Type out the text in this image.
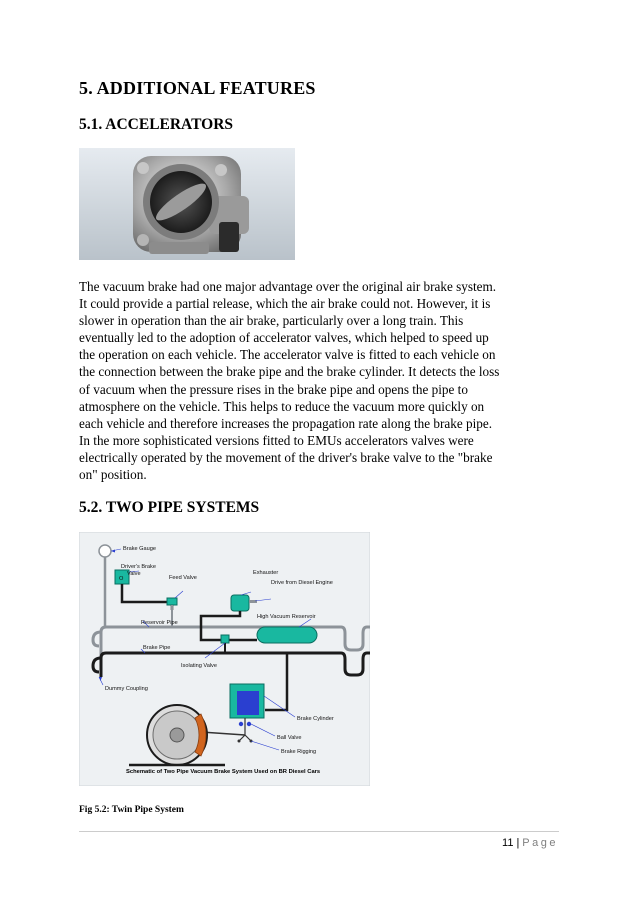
5. ADDITIONAL FEATURES
5.1. ACCELERATORS
The vacuum brake had one major advantage over the original air brake system.
It could provide a partial release, which the air brake could not. However, it is
slower in operation than the air brake, particularly over a long train. This
eventually led to the adoption of accelerator valves, which helped to speed up
the operation on each vehicle. The accelerator valve is fitted to each vehicle on
the connection between the brake pipe and the brake cylinder. It detects the loss
of vacuum when the pressure rises in the brake pipe and opens the pipe to
atmosphere on the vehicle. This helps to reduce the vacuum more quickly on
each vehicle and therefore increases the propagation rate along the brake pipe.
In the more sophisticated versions fitted to EMUs accelerators valves were
electrically operated by the movement of the driver's brake valve to the "brake
on" position.
5.2. TWO PIPE SYSTEMS
O
Brake Gauge
Driver's Brake
Valve
Feed Valve
Exhauster
Drive from Diesel Engine
High Vacuum Reservoir
Reservoir Pipe
Brake Pipe
Isolating Valve
Dummy Coupling
Brake Cylinder
Ball Valve
Brake Rigging
Schematic of Two Pipe Vacuum Brake System Used on BR Diesel Cars
Fig 5.2: Twin Pipe System
11 | Page
